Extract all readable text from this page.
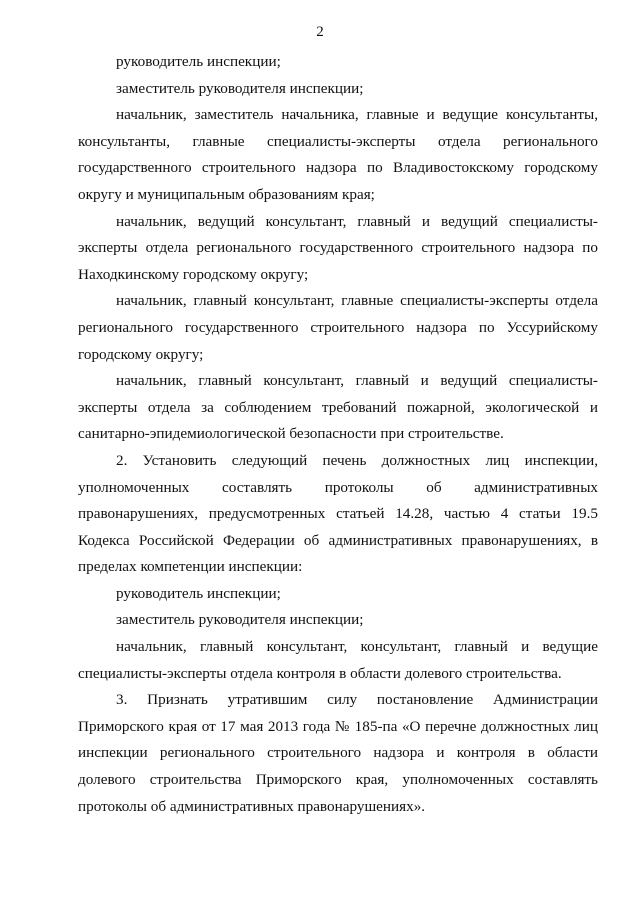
2

руководитель инспекции;

заместитель руководителя инспекции;

начальник, заместитель начальника, главные и ведущие консультанты, консультанты, главные специалисты-эксперты отдела регионального государственного строительного надзора по Владивостокскому городскому округу и муниципальным образованиям края;

начальник, ведущий консультант, главный и ведущий специалисты-эксперты отдела регионального государственного строительного надзора по Находкинскому городскому округу;

начальник, главный консультант, главные специалисты-эксперты отдела регионального государственного строительного надзора по Уссурийскому городскому округу;

начальник, главный консультант, главный и ведущий специалисты-эксперты отдела за соблюдением требований пожарной, экологической и санитарно-эпидемиологической безопасности при строительстве.

2. Установить следующий печень должностных лиц инспекции, уполномоченных составлять протоколы об административных правонарушениях, предусмотренных статьей 14.28, частью 4 статьи 19.5 Кодекса Российской Федерации об административных правонарушениях, в пределах компетенции инспекции:

руководитель инспекции;

заместитель руководителя инспекции;

начальник, главный консультант, консультант, главный и ведущие специалисты-эксперты отдела контроля в области долевого строительства.

3. Признать утратившим силу постановление Администрации Приморского края от 17 мая 2013 года № 185-па «О перечне должностных лиц инспекции регионального строительного надзора и контроля в области долевого строительства Приморского края, уполномоченных составлять протоколы об административных правонарушениях».
